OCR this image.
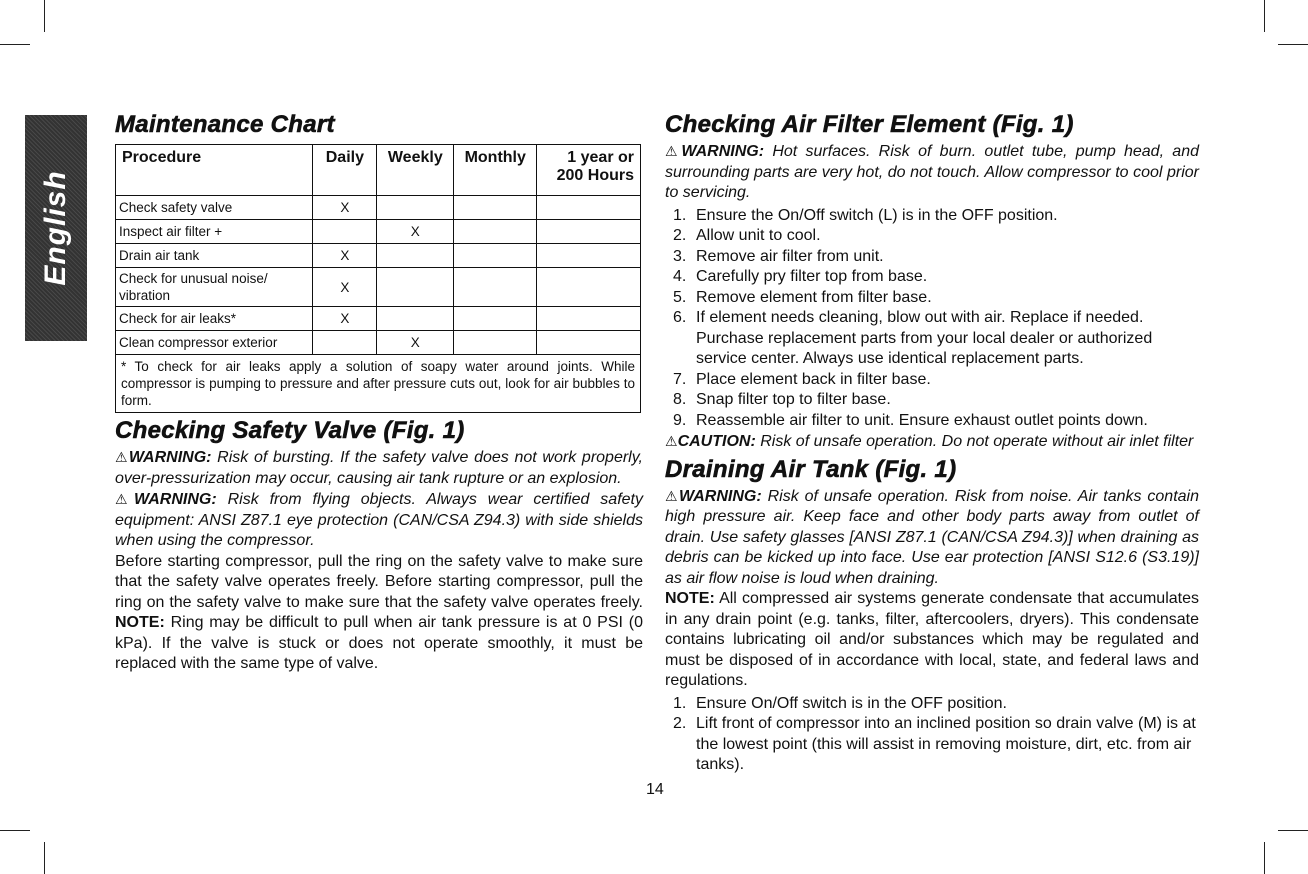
English
Maintenance Chart
Procedure	Daily	Weekly	Monthly	1 year or 200 Hours
Check safety valve	X			
Inspect air filter +		X		
Drain air tank	X			
Check for unusual noise/ vibration	X			
Check for air leaks*	X			
Clean compressor exterior		X		
* To check for air leaks apply a solution of soapy water around joints. While compressor is pumping to pressure and after pressure cuts out, look for air bubbles to form.				
Checking Safety Valve (Fig. 1)

⚠WARNING: Risk of bursting. If the safety valve does not work properly, over-pressurization may occur, causing air tank rupture or an explosion.

⚠WARNING: Risk from flying objects. Always wear certified safety equipment: ANSI Z87.1 eye protection (CAN/CSA Z94.3) with side shields when using the compressor.

Before starting compressor, pull the ring on the safety valve to make sure that the safety valve operates freely. Before starting compressor, pull the ring on the safety valve to make sure that the safety valve operates freely. NOTE: Ring may be difficult to pull when air tank pressure is at 0 PSI (0 kPa). If the valve is stuck or does not operate smoothly, it must be replaced with the same type of valve.

Checking Air Filter Element (Fig. 1)

⚠WARNING: Hot surfaces. Risk of burn. outlet tube, pump head, and surrounding parts are very hot, do not touch. Allow compressor to cool prior to servicing.

1. Ensure the On/Off switch (L) is in the OFF position.
2. Allow unit to cool.
3. Remove air filter from unit.
4. Carefully pry filter top from base.
5. Remove element from filter base.
6. If element needs cleaning, blow out with air. Replace if needed. Purchase replacement parts from your local dealer or authorized service center. Always use identical replacement parts.
7. Place element back in filter base.
8. Snap filter top to filter base.
9. Reassemble air filter to unit. Ensure exhaust outlet points down.

⚠CAUTION: Risk of unsafe operation. Do not operate without air inlet filter

Draining Air Tank (Fig. 1)

⚠WARNING: Risk of unsafe operation. Risk from noise. Air tanks contain high pressure air. Keep face and other body parts away from outlet of drain. Use safety glasses [ANSI Z87.1 (CAN/CSA Z94.3)] when draining as debris can be kicked up into face. Use ear protection [ANSI S12.6 (S3.19)] as air flow noise is loud when draining.

NOTE: All compressed air systems generate condensate that accumulates in any drain point (e.g. tanks, filter, aftercoolers, dryers). This condensate contains lubricating oil and/or substances which may be regulated and must be disposed of in accordance with local, state, and federal laws and regulations.

1. Ensure On/Off switch is in the OFF position.
2. Lift front of compressor into an inclined position so drain valve (M) is at the lowest point (this will assist in removing moisture, dirt, etc. from air tanks).
14
